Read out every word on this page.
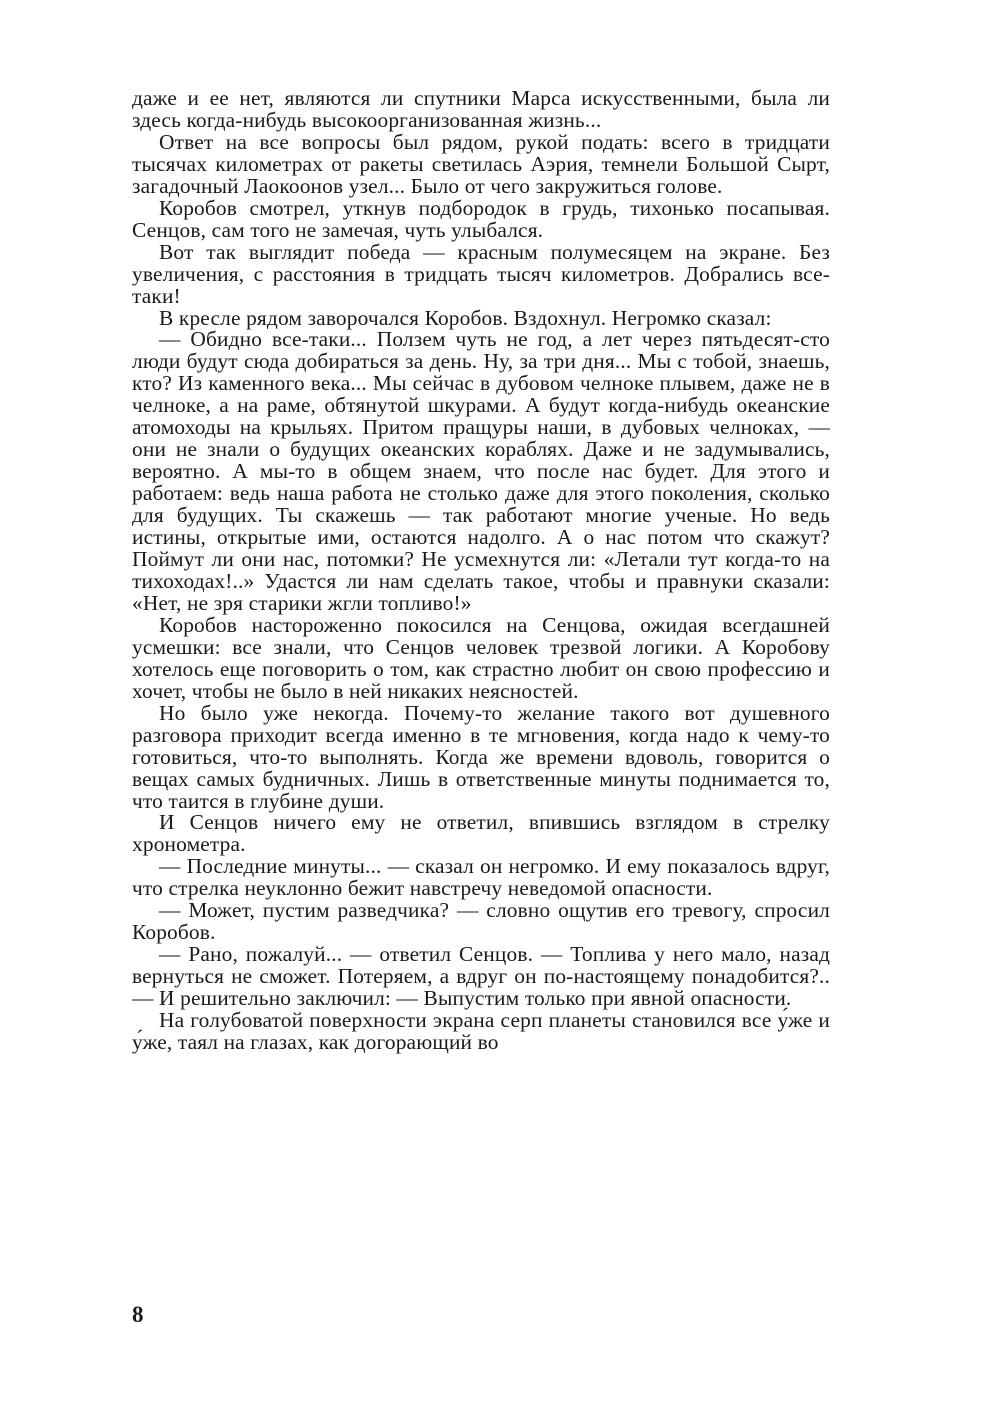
даже и ее нет, являются ли спутники Марса искусственными, была ли здесь когда-нибудь высокоорганизованная жизнь...

Ответ на все вопросы был рядом, рукой подать: всего в тридцати тысячах километрах от ракеты светилась Аэрия, темнели Большой Сырт, загадочный Лаокоонов узел... Было от чего закружиться голове.

Коробов смотрел, уткнув подбородок в грудь, тихонько посапывая. Сенцов, сам того не замечая, чуть улыбался.

Вот так выглядит победа — красным полумесяцем на экране. Без увеличения, с расстояния в тридцать тысяч километров. Добрались все-таки!

В кресле рядом заворочался Коробов. Вздохнул. Негромко сказал:

— Обидно все-таки... Ползем чуть не год, а лет через пятьдесят-сто люди будут сюда добираться за день. Ну, за три дня... Мы с тобой, знаешь, кто? Из каменного века... Мы сейчас в дубовом челноке плывем, даже не в челноке, а на раме, обтянутой шкурами. А будут когда-нибудь океанские атомоходы на крыльях. Притом пращуры наши, в дубовых челноках, — они не знали о будущих океанских кораблях. Даже и не задумывались, вероятно. А мы-то в общем знаем, что после нас будет. Для этого и работаем: ведь наша работа не столько даже для этого поколения, сколько для будущих. Ты скажешь — так работают многие ученые. Но ведь истины, открытые ими, остаются надолго. А о нас потом что скажут? Поймут ли они нас, потомки? Не усмехнутся ли: «Летали тут когда-то на тихоходах!..» Удастся ли нам сделать такое, чтобы и правнуки сказали: «Нет, не зря старики жгли топливо!»

Коробов настороженно покосился на Сенцова, ожидая всегдашней усмешки: все знали, что Сенцов человек трезвой логики. А Коробову хотелось еще поговорить о том, как страстно любит он свою профессию и хочет, чтобы не было в ней никаких неясностей.

Но было уже некогда. Почему-то желание такого вот душевного разговора приходит всегда именно в те мгновения, когда надо к чему-то готовиться, что-то выполнять. Когда же времени вдоволь, говорится о вещах самых будничных. Лишь в ответственные минуты поднимается то, что таится в глубине души.

И Сенцов ничего ему не ответил, впившись взглядом в стрелку хронометра.

— Последние минуты... — сказал он негромко. И ему показалось вдруг, что стрелка неуклонно бежит навстречу неведомой опасности.

— Может, пустим разведчика? — словно ощутив его тревогу, спросил Коробов.

— Рано, пожалуй... — ответил Сенцов. — Топлива у него мало, назад вернуться не сможет. Потеряем, а вдруг он по-настоящему понадобится?.. — И решительно заключил: — Выпустим только при явной опасности.

На голубоватой поверхности экрана серп планеты становился все у́же и у́же, таял на глазах, как догорающий во

8
